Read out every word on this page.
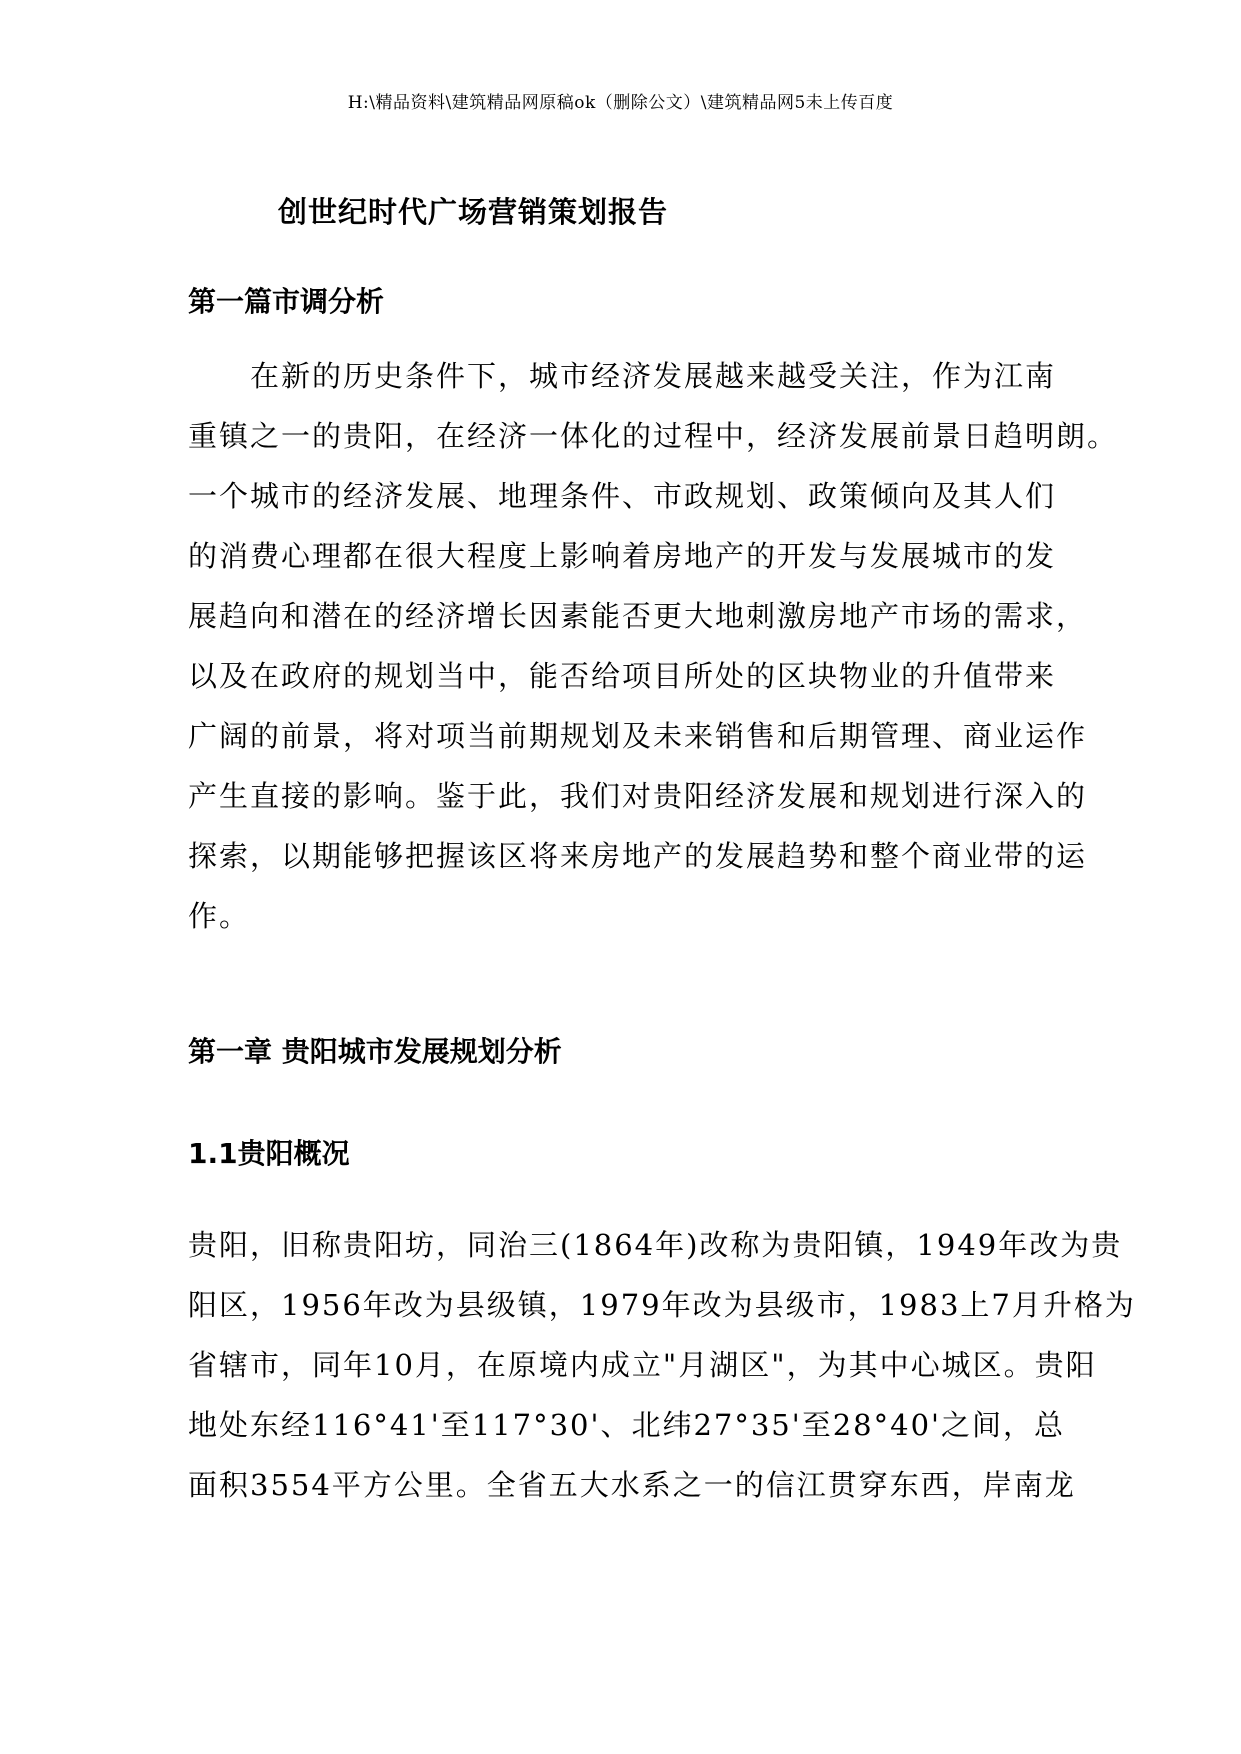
H:\精品资料\建筑精品网原稿ok（删除公文）\建筑精品网5未上传百度
创世纪时代广场营销策划报告
第一篇市调分析
　　在新的历史条件下，城市经济发展越来越受关注，作为江南
重镇之一的贵阳，在经济一体化的过程中，经济发展前景日趋明朗。
一个城市的经济发展、地理条件、市政规划、政策倾向及其人们
的消费心理都在很大程度上影响着房地产的开发与发展城市的发
展趋向和潜在的经济增长因素能否更大地刺激房地产市场的需求，
以及在政府的规划当中，能否给项目所处的区块物业的升值带来
广阔的前景，将对项当前期规划及未来销售和后期管理、商业运作
产生直接的影响。鉴于此，我们对贵阳经济发展和规划进行深入的
探索，以期能够把握该区将来房地产的发展趋势和整个商业带的运
作。
第一章 贵阳城市发展规划分析
1.1贵阳概况
贵阳，旧称贵阳坊，同治三(1864年)改称为贵阳镇，1949年改为贵
阳区，1956年改为县级镇，1979年改为县级市，1983上7月升格为
省辖市，同年10月，在原境内成立"月湖区"，为其中心城区。贵阳
地处东经116°41'至117°30'、北纬27°35'至28°40'之间，总
面积3554平方公里。全省五大水系之一的信江贯穿东西，岸南龙
